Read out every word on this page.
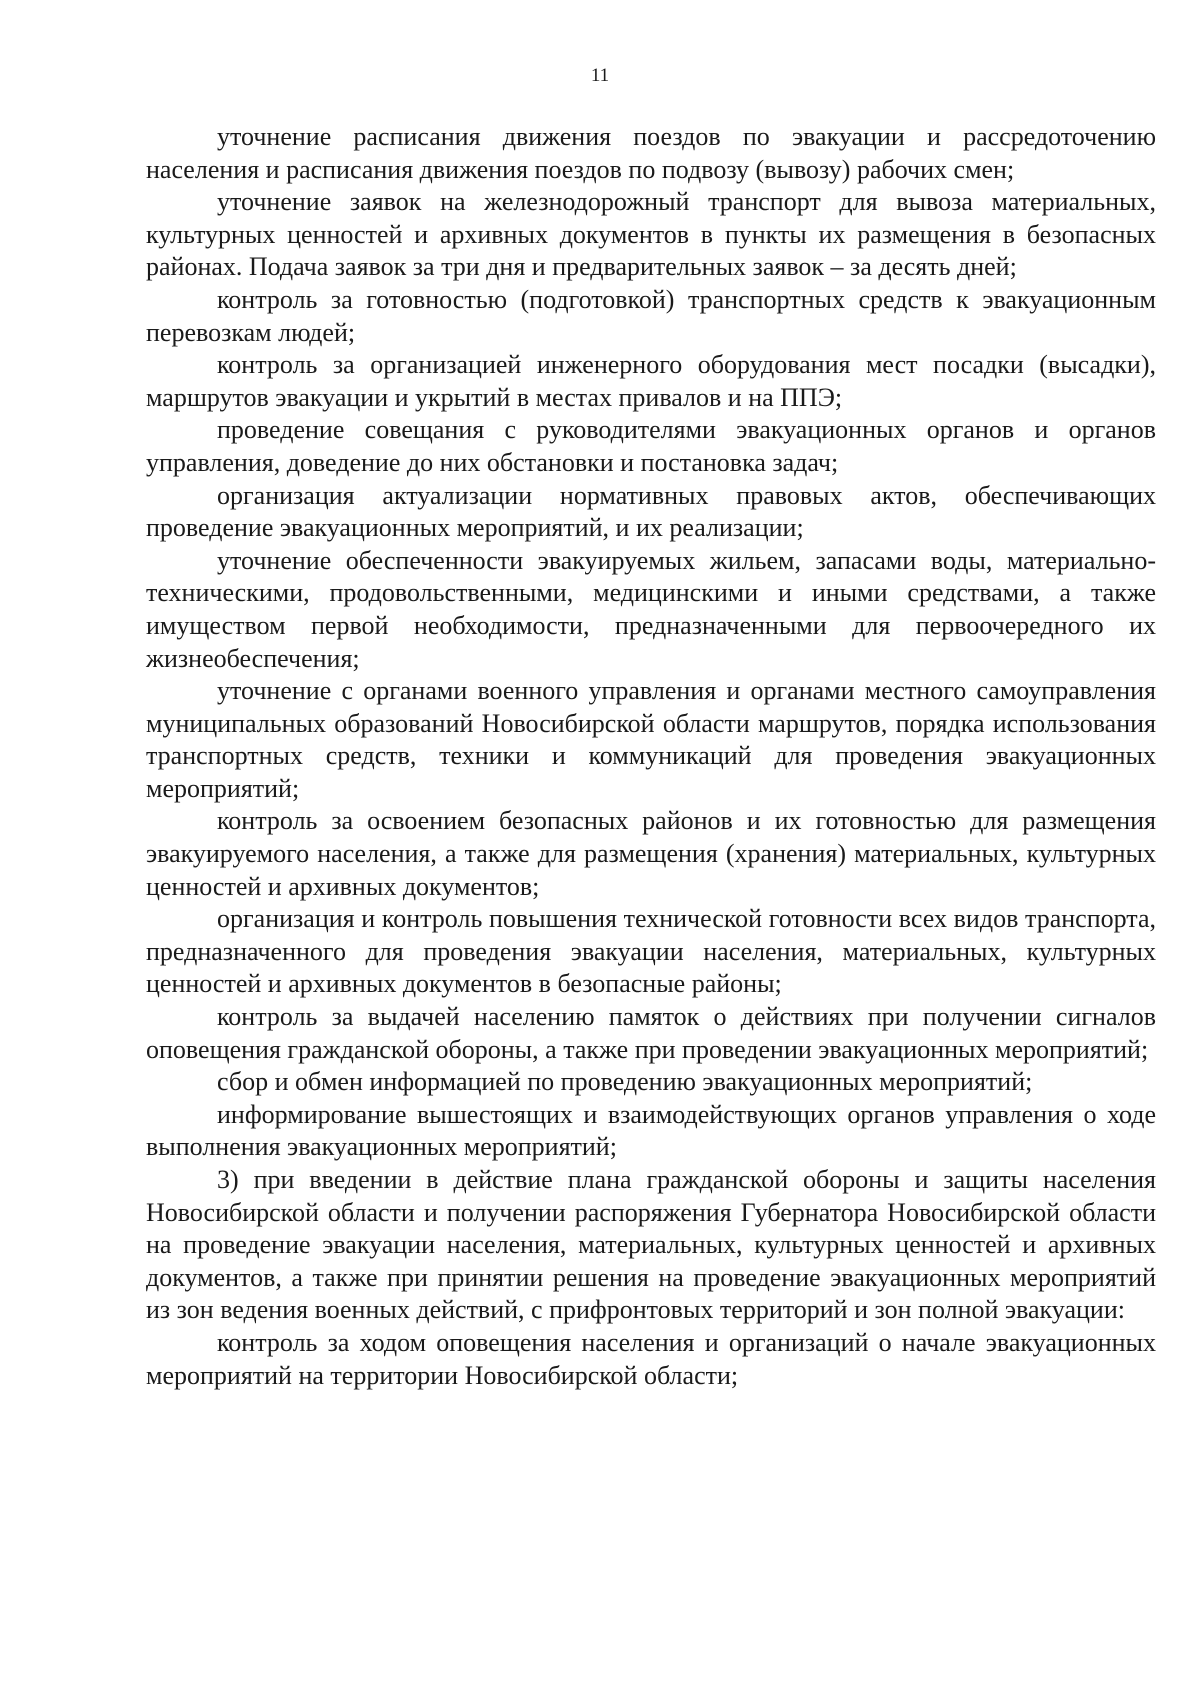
11

уточнение расписания движения поездов по эвакуации и рассредоточению населения и расписания движения поездов по подвозу (вывозу) рабочих смен;

уточнение заявок на железнодорожный транспорт для вывоза материальных, культурных ценностей и архивных документов в пункты их размещения в безопасных районах. Подача заявок за три дня и предварительных заявок – за десять дней;

контроль за готовностью (подготовкой) транспортных средств к эвакуационным перевозкам людей;

контроль за организацией инженерного оборудования мест посадки (высадки), маршрутов эвакуации и укрытий в местах привалов и на ППЭ;

проведение совещания с руководителями эвакуационных органов и органов управления, доведение до них обстановки и постановка задач;

организация актуализации нормативных правовых актов, обеспечивающих проведение эвакуационных мероприятий, и их реализации;

уточнение обеспеченности эвакуируемых жильем, запасами воды, материально-техническими, продовольственными, медицинскими и иными средствами, а также имуществом первой необходимости, предназначенными для первоочередного их жизнеобеспечения;

уточнение с органами военного управления и органами местного самоуправления муниципальных образований Новосибирской области маршрутов, порядка использования транспортных средств, техники и коммуникаций для проведения эвакуационных мероприятий;

контроль за освоением безопасных районов и их готовностью для размещения эвакуируемого населения, а также для размещения (хранения) материальных, культурных ценностей и архивных документов;

организация и контроль повышения технической готовности всех видов транспорта, предназначенного для проведения эвакуации населения, материальных, культурных ценностей и архивных документов в безопасные районы;

контроль за выдачей населению памяток о действиях при получении сигналов оповещения гражданской обороны, а также при проведении эвакуационных мероприятий;

сбор и обмен информацией по проведению эвакуационных мероприятий;

информирование вышестоящих и взаимодействующих органов управления о ходе выполнения эвакуационных мероприятий;

3) при введении в действие плана гражданской обороны и защиты населения Новосибирской области и получении распоряжения Губернатора Новосибирской области на проведение эвакуации населения, материальных, культурных ценностей и архивных документов, а также при принятии решения на проведение эвакуационных мероприятий из зон ведения военных действий, с прифронтовых территорий и зон полной эвакуации:

контроль за ходом оповещения населения и организаций о начале эвакуационных мероприятий на территории Новосибирской области;
